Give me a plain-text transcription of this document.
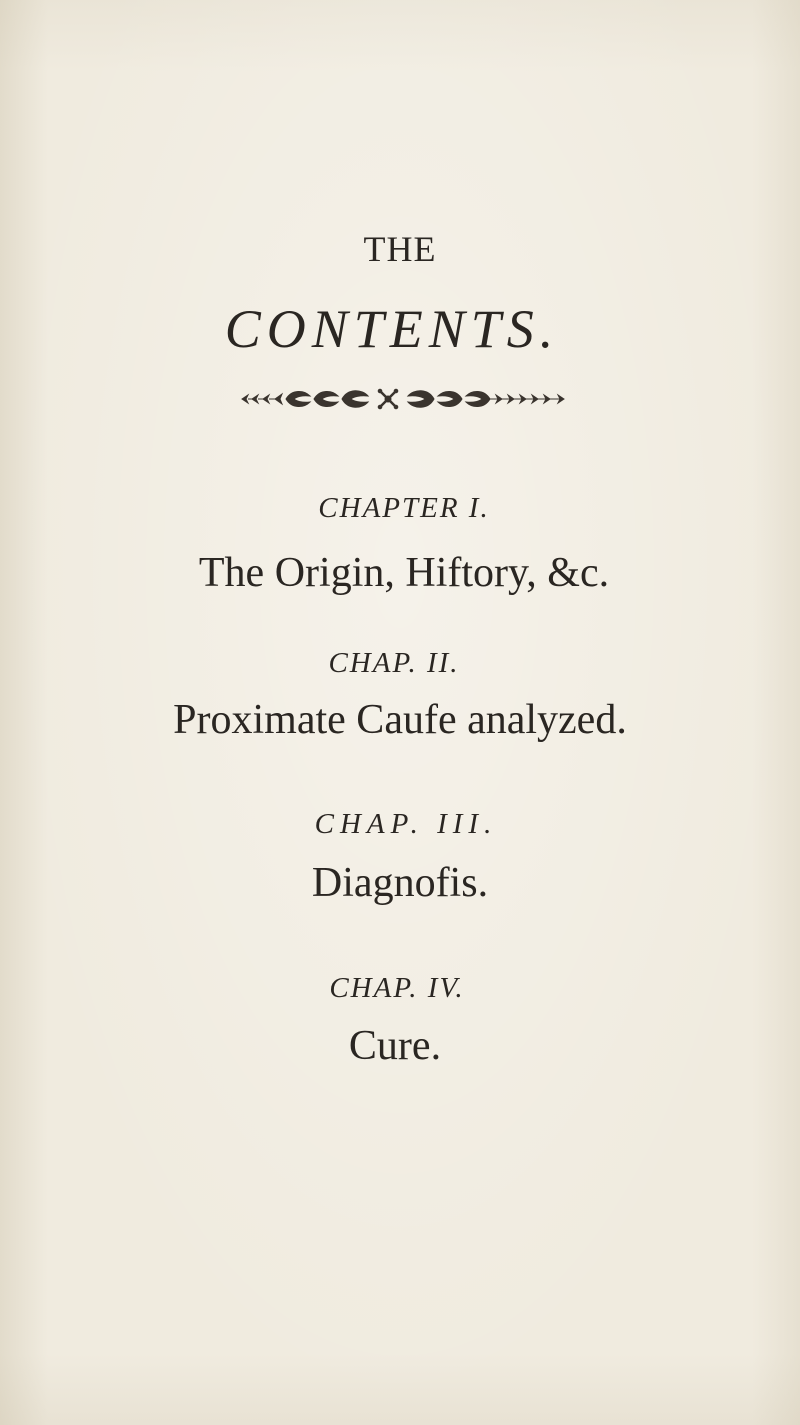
THE
CONTENTS.
CHAPTER I.
The Origin, Hiftory, &c.
CHAP. II.
Proximate Caufe analyzed.
CHAP. III.
Diagnofis.
CHAP. IV.
Cure.
